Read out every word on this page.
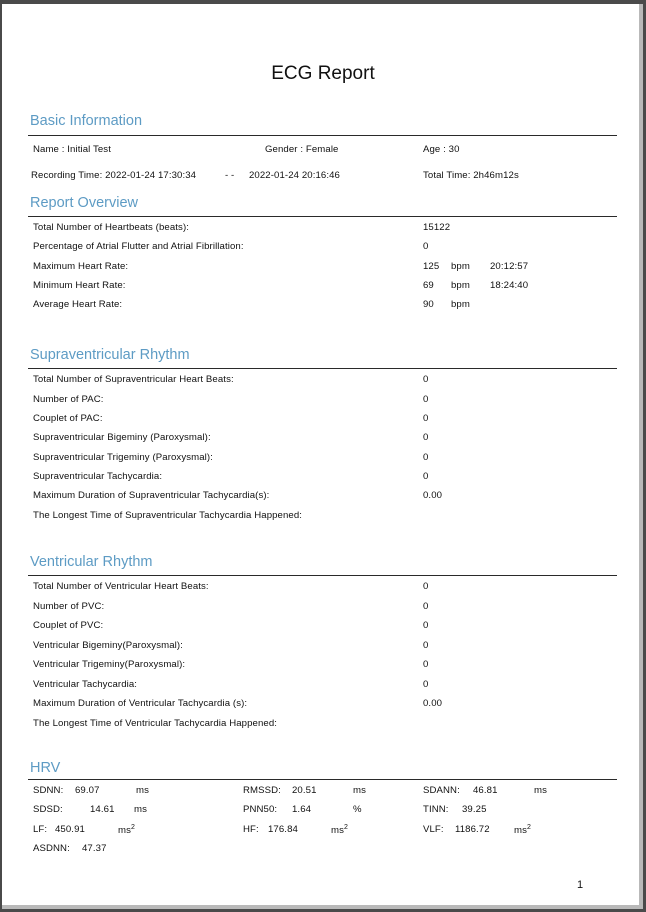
ECG Report
Basic Information
Name : Initial Test	Gender : Female	Age : 30
Recording Time: 2022-01-24 17:30:34	- - 2022-01-24 20:16:46	Total Time: 2h46m12s
Report Overview
Total Number of Heartbeats (beats):	15122
Percentage of Atrial Flutter and Atrial Fibrillation:	0
Maximum Heart Rate:	125 bpm 20:12:57
Minimum Heart Rate:	69 bpm 18:24:40
Average Heart Rate:	90 bpm
Supraventricular Rhythm
Total Number of Supraventricular Heart Beats:	0
Number of PAC:	0
Couplet of PAC:	0
Supraventricular Bigeminy (Paroxysmal):	0
Supraventricular Trigeminy (Paroxysmal):	0
Supraventricular Tachycardia:	0
Maximum Duration of Supraventricular Tachycardia(s):	0.00
The Longest Time of Supraventricular Tachycardia Happened:
Ventricular Rhythm
Total Number of Ventricular Heart Beats:	0
Number of PVC:	0
Couplet of PVC:	0
Ventricular Bigeminy(Paroxysmal):	0
Ventricular Trigeminy(Paroxysmal):	0
Ventricular Tachycardia:	0
Maximum Duration of Ventricular Tachycardia (s):	0.00
The Longest Time of Ventricular Tachycardia Happened:
HRV
SDNN: 69.07	ms	RMSSD: 20.51	ms	SDANN: 46.81	ms
SDSD:	14.61 ms	PNN50: 1.64	%	TINN: 39.25
LF: 450.91	$ms^2$	HF: 176.84	$ms^2$	VLF: 1186.72	$ms^2$
ASDNN: 47.37
1
